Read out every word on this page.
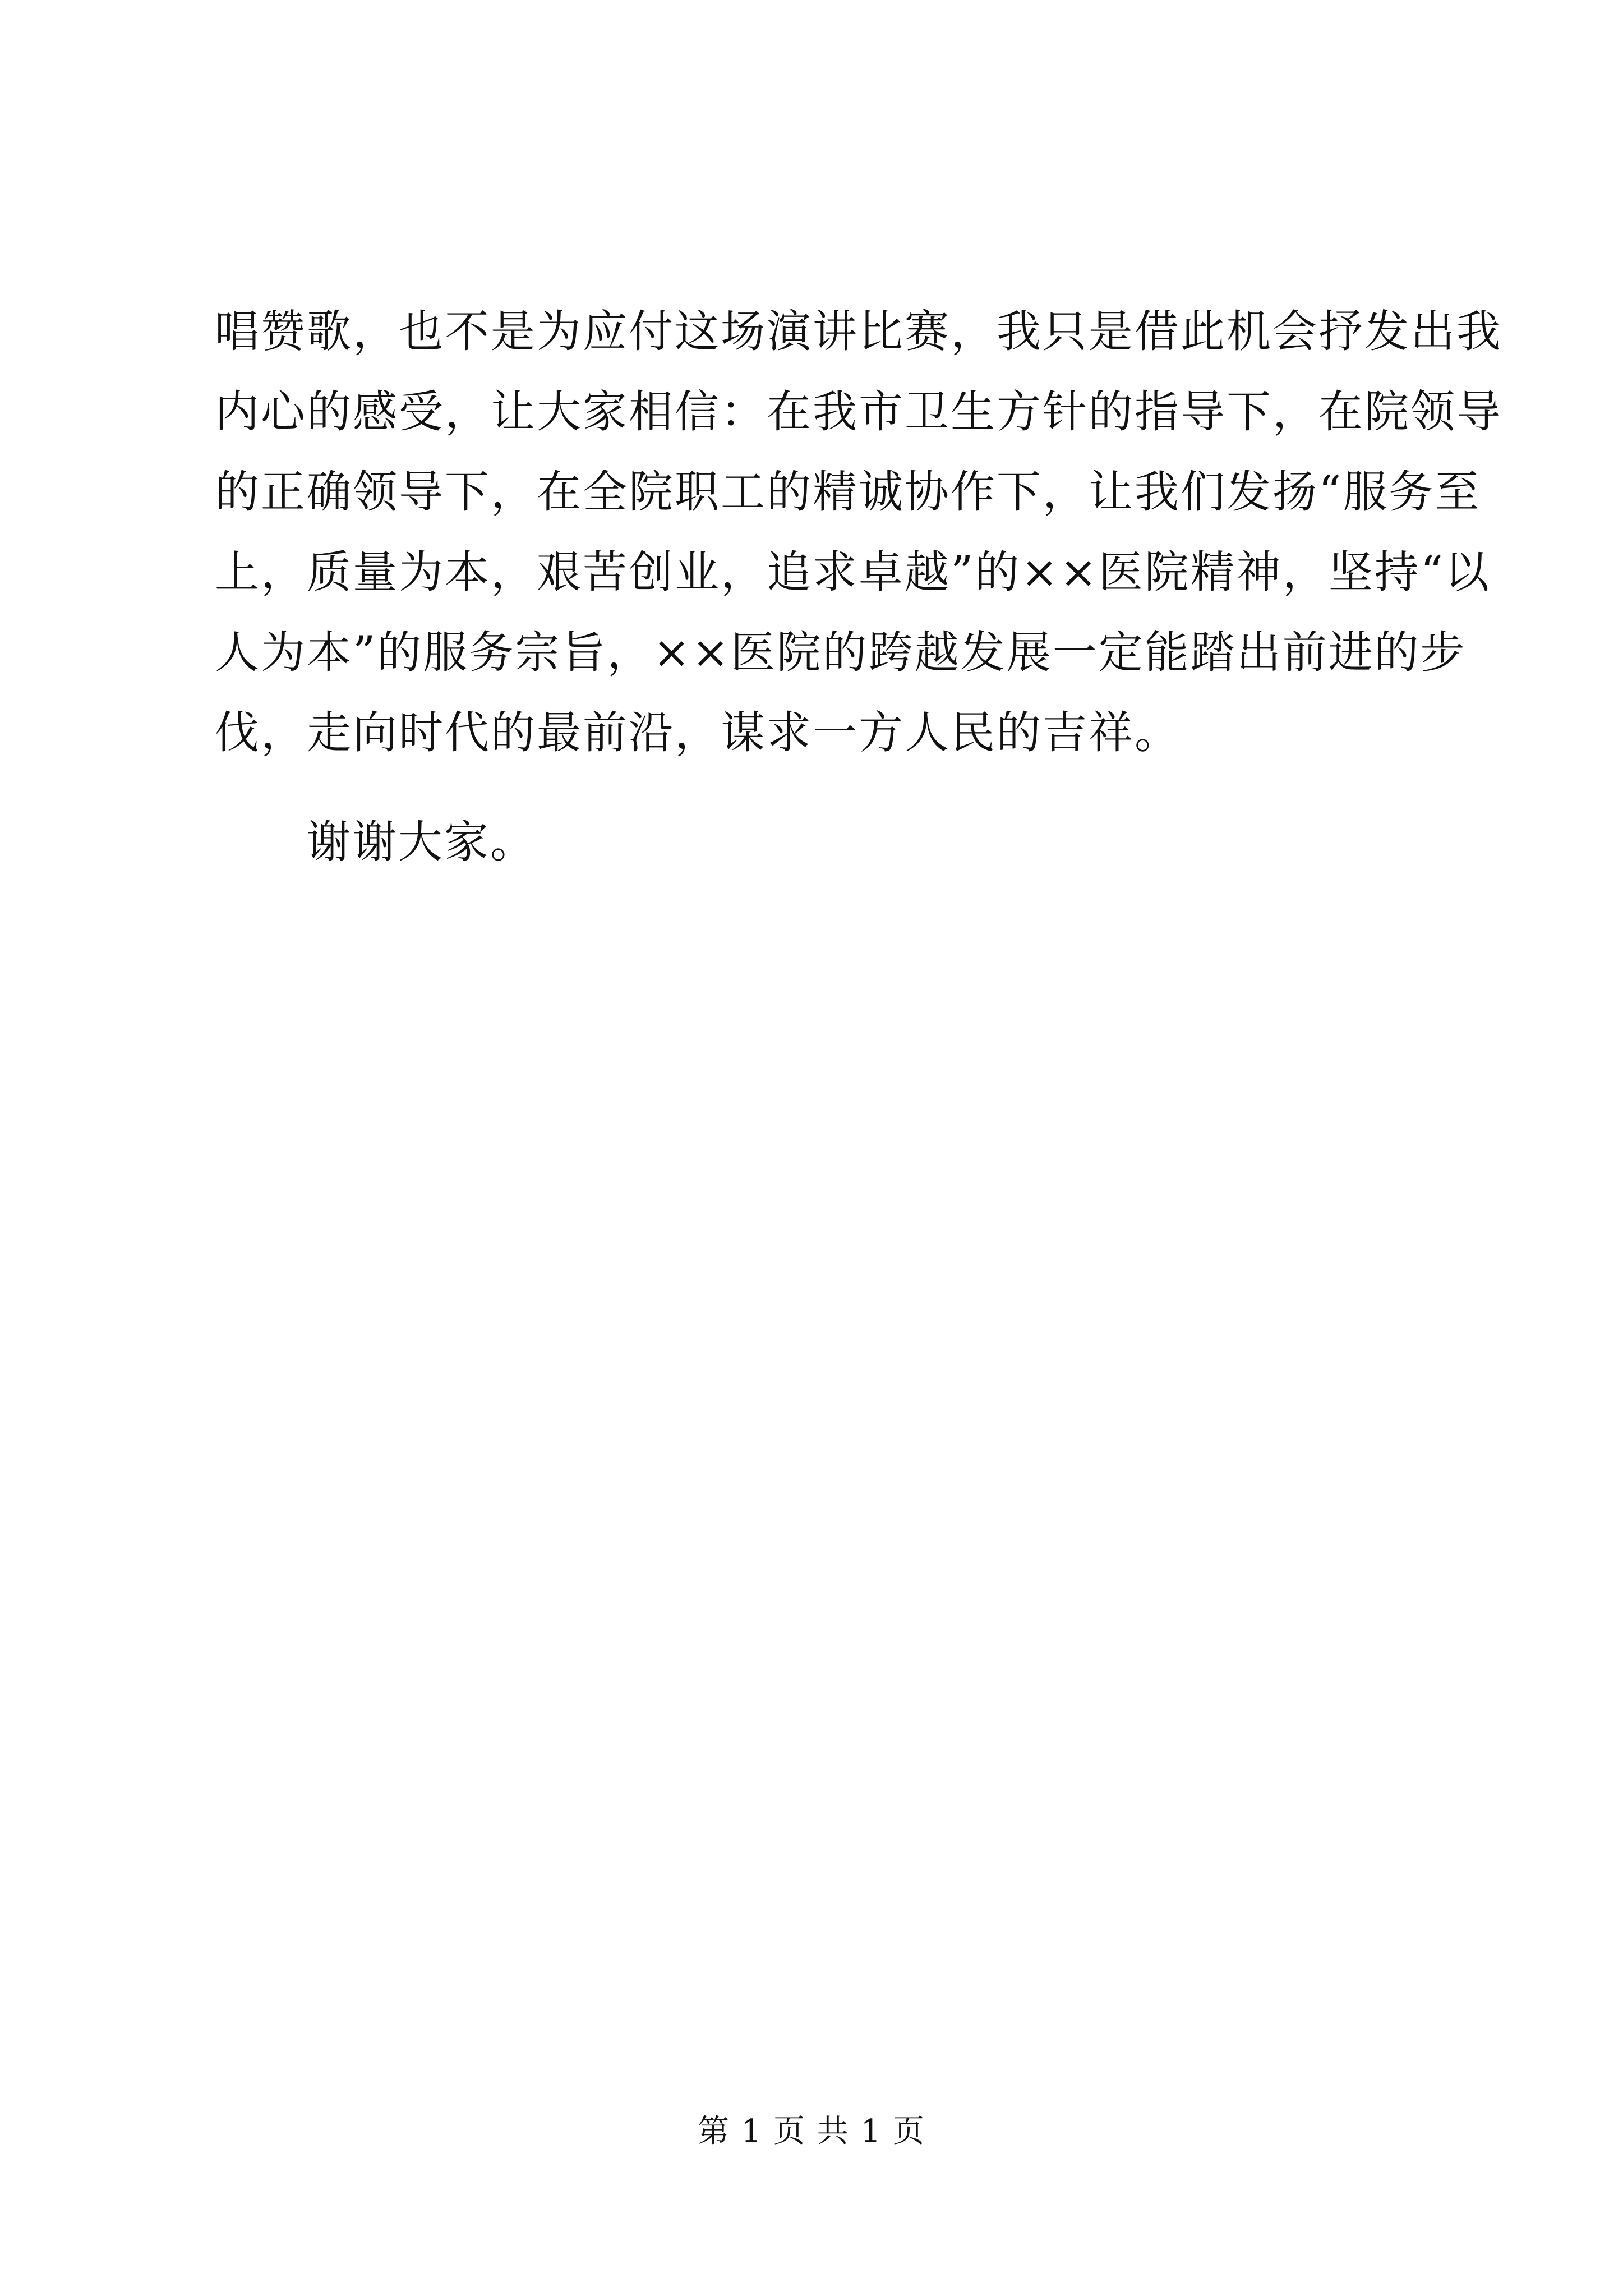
唱赞歌，也不是为应付这场演讲比赛，我只是借此机会抒发出我
内心的感受，让大家相信：在我市卫生方针的指导下，在院领导
的正确领导下，在全院职工的精诚协作下，让我们发扬“服务至
上，质量为本，艰苦创业，追求卓越”的××医院精神，坚持“以
人为本”的服务宗旨，××医院的跨越发展一定能踏出前进的步
伐，走向时代的最前沿，谋求一方人民的吉祥。
谢谢大家。
第 1 页 共 1 页
